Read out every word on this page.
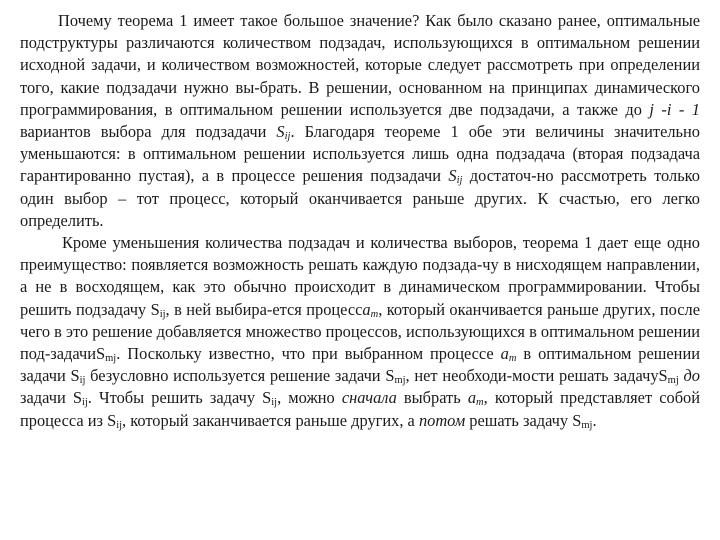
Почему теорема 1 имеет такое большое значение? Как было сказано ранее, оптимальные подструктуры различаются количеством подзадач, использующихся в оптимальном решении исходной задачи, и количеством возможностей, которые следует рассмотреть при определении того, какие подзадачи нужно вы-брать. В решении, основанном на принципах динамического программирования, в оптимальном решении используется две подзадачи, а также до j -i - 1 вариантов выбора для подзадачи $S_{ij}$. Благодаря теореме 1 обе эти величины значительно уменьшаются: в оптимальном решении используется лишь одна подзадача (вторая подзадача гарантированно пустая), а в процессе решения подзадачи $S_{ij}$ достаточ-но рассмотреть только один выбор – тот процесс, который оканчивается раньше других. К счастью, его легко определить.

Кроме уменьшения количества подзадач и количества выборов, теорема 1 дает еще одно преимущество: появляется возможность решать каждую подзада-чу в нисходящем направлении, а не в восходящем, как это обычно происходит в динамическом программировании. Чтобы решить подзадачу $S_{ij}$, в ней выбира-ется процессa$_m$, который оканчивается раньше других, после чего в это решение добавляется множество процессов, использующихся в оптимальном решении под-задачиS$_{mj}$. Поскольку известно, что при выбранном процессе $a_m$ в оптимальном решении задачи $S_{ij}$ безусловно используется решение задачи $S_{mj}$, нет необходи-мости решать задачуS$_{mj}$ до задачи $S_{ij}$. Чтобы решить задачу $S_{ij}$, можно сначала выбрать $a_m$, который представляет собой процесса из $S_{ij}$, который заканчивается раньше других, а потом решать задачу $S_{mj}$.
